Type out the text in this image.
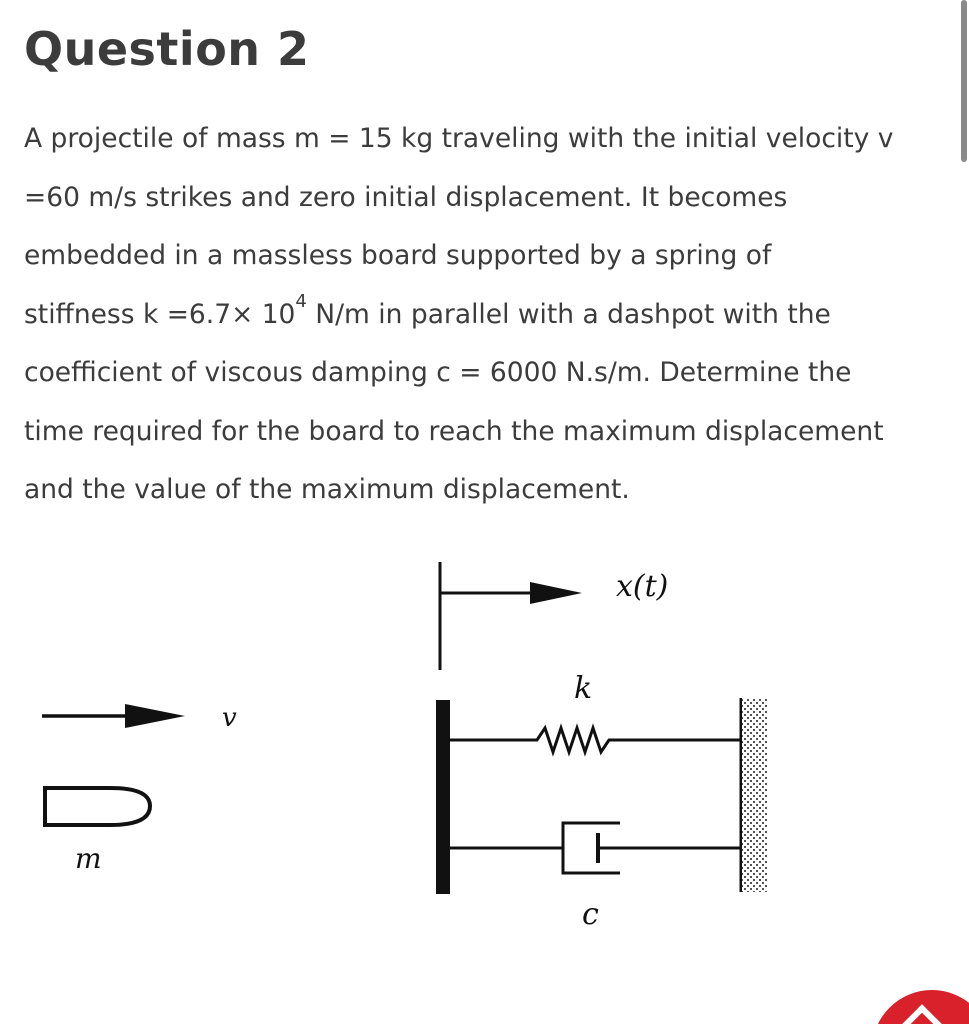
Question 2
A projectile of mass m = 15 kg traveling with the initial velocity v
=60 m/s strikes and zero initial displacement. It becomes
embedded in a massless board supported by a spring of
stiffness $k =6.7\times 10^4$ N/m in parallel with a dashpot with the
coefficient of viscous damping c = 6000 N.s/m. Determine the
time required for the board to reach the maximum displacement
and the value of the maximum displacement.
x(t)
v
m
k
c
